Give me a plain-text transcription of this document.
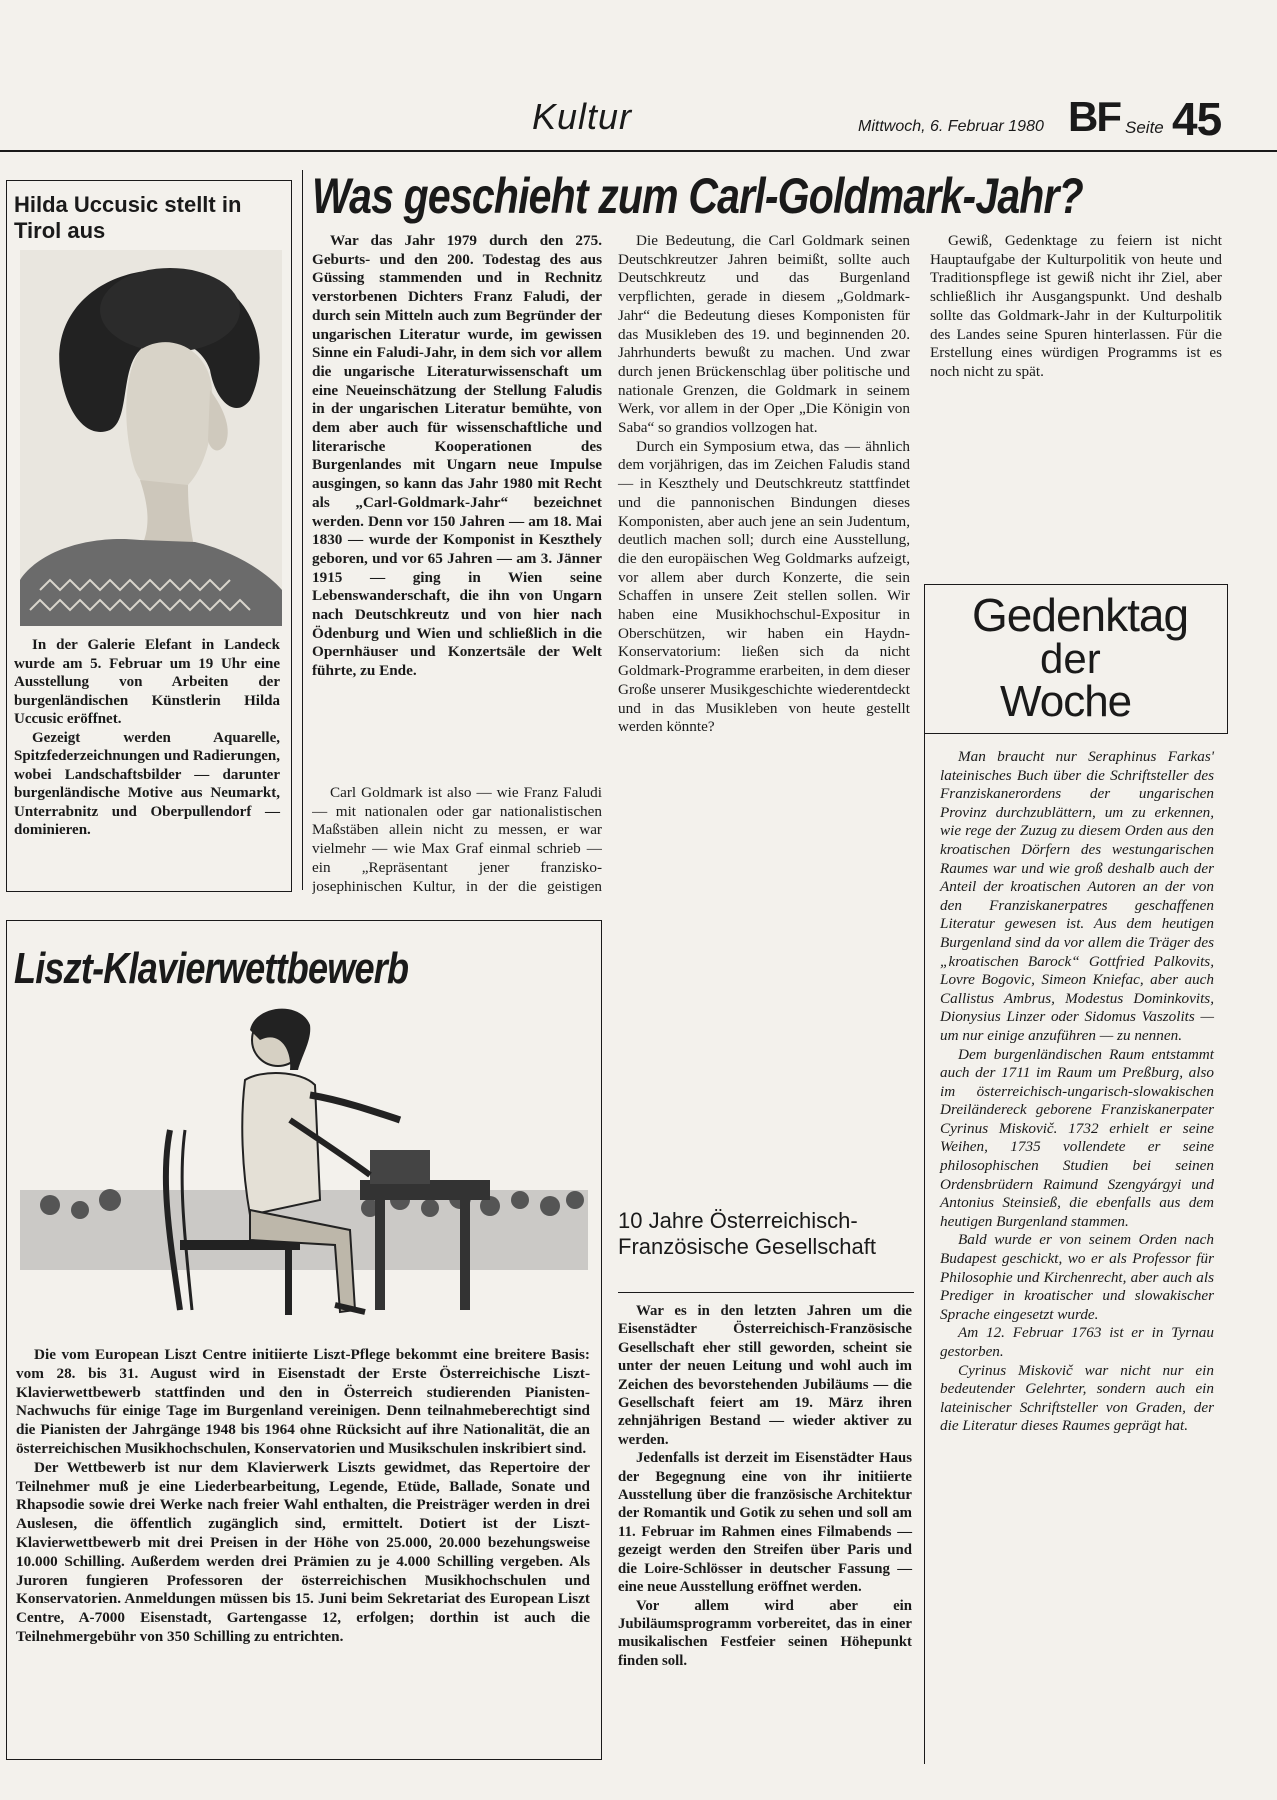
Kultur	Mittwoch, 6. Februar 1980 BF Seite 45
Hilda Uccusic stellt in Tirol aus

In der Galerie Elefant in Landeck wurde am 5. Februar um 19 Uhr eine Ausstellung von Arbeiten der burgenländischen Künstlerin Hilda Uccusic eröffnet.

Gezeigt werden Aquarelle, Spitzfederzeichnungen und Radierungen, wobei Landschaftsbilder — darunter burgenländische Motive aus Neumarkt, Unterrabnitz und Oberpullendorf — dominieren.

Was geschieht zum Carl-Goldmark-Jahr?

War das Jahr 1979 durch den 275. Geburts- und den 200. Todestag des aus Güssing stammenden und in Rechnitz verstorbenen Dichters Franz Faludi, der durch sein Mitteln auch zum Begründer der ungarischen Literatur wurde, im gewissen Sinne ein Faludi-Jahr, in dem sich vor allem die ungarische Literaturwissenschaft um eine Neueinschätzung der Stellung Faludis in der ungarischen Literatur bemühte, von dem aber auch für wissenschaftliche und literarische Kooperationen des Burgenlandes mit Ungarn neue Impulse ausgingen, so kann das Jahr 1980 mit Recht als „Carl-Goldmark-Jahr“ bezeichnet werden. Denn vor 150 Jahren — am 18. Mai 1830 — wurde der Komponist in Keszthely geboren, und vor 65 Jahren — am 3. Jänner 1915 — ging in Wien seine Lebenswanderschaft, die ihn von Ungarn nach Deutschkreutz und von hier nach Ödenburg und Wien und schließlich in die Opernhäuser und Konzertsäle der Welt führte, zu Ende.

Carl Goldmark ist also — wie Franz Faludi — mit nationalen oder gar nationalistischen Maßstäben allein nicht zu messen, er war vielmehr — wie Max Graf einmal schrieb — ein „Repräsentant jener franzisko-josephinischen Kultur, in der die geistigen

Die Bedeutung, die Carl Goldmark seinen Deutschkreutzer Jahren beimißt, sollte auch Deutschkreutz und das Burgenland verpflichten, gerade in diesem „Goldmark-Jahr“ die Bedeutung dieses Komponisten für das Musikleben des 19. und beginnenden 20. Jahrhunderts bewußt zu machen. Und zwar durch jenen Brückenschlag über politische und nationale Grenzen, die Goldmark in seinem Werk, vor allem in der Oper „Die Königin von Saba“ so grandios vollzogen hat.

Durch ein Symposium etwa, das — ähnlich dem vorjährigen, das im Zeichen Faludis stand — in Keszthely und Deutschkreutz stattfindet und die pannonischen Bindungen dieses Komponisten, aber auch jene an sein Judentum, deutlich machen soll; durch eine Ausstellung, die den europäischen Weg Goldmarks aufzeigt, vor allem aber durch Konzerte, die sein Schaffen in unsere Zeit stellen sollen. Wir haben eine Musikhochschul-Expositur in Oberschützen, wir haben ein Haydn-Konservatorium: ließen sich da nicht Goldmark-Programme erarbeiten, in dem dieser Große unserer Musikgeschichte wiederentdeckt und in das Musikleben von heute gestellt werden könnte?

Gewiß, Gedenktage zu feiern ist nicht Hauptaufgabe der Kulturpolitik von heute und Traditionspflege ist gewiß nicht ihr Ziel, aber schließlich ihr Ausgangspunkt. Und deshalb sollte das Goldmark-Jahr in der Kulturpolitik des Landes seine Spuren hinterlassen. Für die Erstellung eines würdigen Programms ist es noch nicht zu spät.

Liszt-Klavierwettbewerb

Die vom European Liszt Centre initiierte Liszt-Pflege bekommt eine breitere Basis: vom 28. bis 31. August wird in Eisenstadt der Erste Österreichische Liszt-Klavierwettbewerb stattfinden und den in Österreich studierenden Pianisten-Nachwuchs für einige Tage im Burgenland vereinigen. Denn teilnahmeberechtigt sind die Pianisten der Jahrgänge 1948 bis 1964 ohne Rücksicht auf ihre Nationalität, die an österreichischen Musikhochschulen, Konservatorien und Musikschulen inskribiert sind.

Der Wettbewerb ist nur dem Klavierwerk Liszts gewidmet, das Repertoire der Teilnehmer muß je eine Liederbearbeitung, Legende, Etüde, Ballade, Sonate und Rhapsodie sowie drei Werke nach freier Wahl enthalten, die Preisträger werden in drei Auslesen, die öffentlich zugänglich sind, ermittelt. Dotiert ist der Liszt-Klavierwettbewerb mit drei Preisen in der Höhe von 25.000, 20.000 bezehungsweise 10.000 Schilling. Außerdem werden drei Prämien zu je 4.000 Schilling vergeben. Als Juroren fungieren Professoren der österreichischen Musikhochschulen und Konservatorien. Anmeldungen müssen bis 15. Juni beim Sekretariat des European Liszt Centre, A-7000 Eisenstadt, Gartengasse 12, erfolgen; dorthin ist auch die Teilnehmergebühr von 350 Schilling zu entrichten.

10 Jahre Österreichisch-Französische Gesellschaft

War es in den letzten Jahren um die Eisenstädter Österreichisch-Französische Gesellschaft eher still geworden, scheint sie unter der neuen Leitung und wohl auch im Zeichen des bevorstehenden Jubiläums — die Gesellschaft feiert am 19. März ihren zehnjährigen Bestand — wieder aktiver zu werden.

Jedenfalls ist derzeit im Eisenstädter Haus der Begegnung eine von ihr initiierte Ausstellung über die französische Architektur der Romantik und Gotik zu sehen und soll am 11. Februar im Rahmen eines Filmabends — gezeigt werden den Streifen über Paris und die Loire-Schlösser in deutscher Fassung — eine neue Ausstellung eröffnet werden.

Vor allem wird aber ein Jubiläumsprogramm vorbereitet, das in einer musikalischen Festfeier seinen Höhepunkt finden soll.

Gedenktag
der
Woche

Man braucht nur Seraphinus Farkas' lateinisches Buch über die Schriftsteller des Franziskanerordens der ungarischen Provinz durchzublättern, um zu erkennen, wie rege der Zuzug zu diesem Orden aus den kroatischen Dörfern des westungarischen Raumes war und wie groß deshalb auch der Anteil der kroatischen Autoren an der von den Franziskanerpatres geschaffenen Literatur gewesen ist. Aus dem heutigen Burgenland sind da vor allem die Träger des „kroatischen Barock“ Gottfried Palkovits, Lovre Bogovic, Simeon Kniefac, aber auch Callistus Ambrus, Modestus Dominkovits, Dionysius Linzer oder Sidomus Vaszolits — um nur einige anzuführen — zu nennen.

Dem burgenländischen Raum entstammt auch der 1711 im Raum um Preßburg, also im österreichisch-ungarisch-slowakischen Dreiländereck geborene Franziskanerpater Cyrinus Miskovič. 1732 erhielt er seine Weihen, 1735 vollendete er seine philosophischen Studien bei seinen Ordensbrüdern Raimund Szengyárgyi und Antonius Steinsieß, die ebenfalls aus dem heutigen Burgenland stammen.

Bald wurde er von seinem Orden nach Budapest geschickt, wo er als Professor für Philosophie und Kirchenrecht, aber auch als Prediger in kroatischer und slowakischer Sprache eingesetzt wurde.

Am 12. Februar 1763 ist er in Tyrnau gestorben.

Cyrinus Miskovič war nicht nur ein bedeutender Gelehrter, sondern auch ein lateinischer Schriftsteller von Graden, der die Literatur dieses Raumes geprägt hat.
